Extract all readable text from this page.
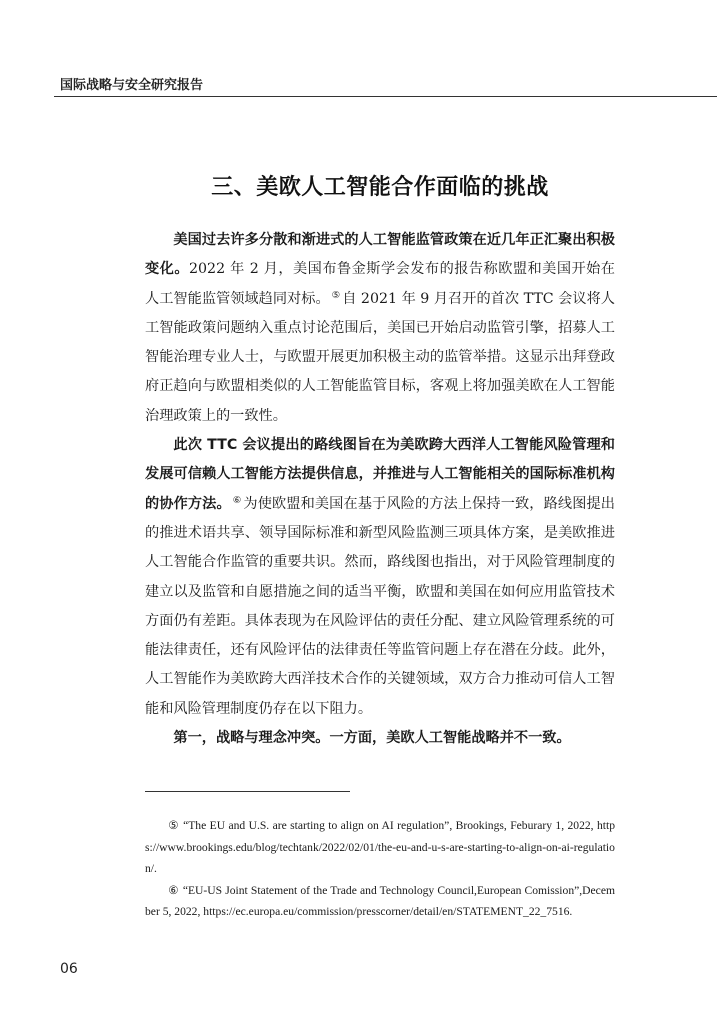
国际战略与安全研究报告
三、美欧人工智能合作面临的挑战

美国过去许多分散和渐进式的人工智能监管政策在近几年正汇聚出积极变化。2022 年 2 月，美国布鲁金斯学会发布的报告称欧盟和美国开始在人工智能监管领域趋同对标。 ⑤ 自 2021 年 9 月召开的首次 TTC 会议将人工智能政策问题纳入重点讨论范围后，美国已开始启动监管引擎，招募人工智能治理专业人士，与欧盟开展更加积极主动的监管举措。这显示出拜登政府正趋向与欧盟相类似的人工智能监管目标，客观上将加强美欧在人工智能治理政策上的一致性。

此次 TTC 会议提出的路线图旨在为美欧跨大西洋人工智能风险管理和发展可信赖人工智能方法提供信息，并推进与人工智能相关的国际标准机构的协作方法。 ⑥ 为使欧盟和美国在基于风险的方法上保持一致，路线图提出的推进术语共享、领导国际标准和新型风险监测三项具体方案，是美欧推进人工智能合作监管的重要共识。然而，路线图也指出，对于风险管理制度的建立以及监管和自愿措施之间的适当平衡，欧盟和美国在如何应用监管技术方面仍有差距。具体表现为在风险评估的责任分配、建立风险管理系统的可能法律责任，还有风险评估的法律责任等监管问题上存在潜在分歧。此外，人工智能作为美欧跨大西洋技术合作的关键领域，双方合力推动可信人工智能和风险管理制度仍存在以下阻力。

第一，战略与理念冲突。一方面，美欧人工智能战略并不一致。

⑤ “The EU and U.S. are starting to align on AI regulation”, Brookings, Feburary 1, 2022, https://www.brookings.edu/blog/techtank/2022/02/01/the-eu-and-u-s-are-starting-to-align-on-ai-regulation/.

⑥ “EU-US Joint Statement of the Trade and Technology Council,European Comission”,December 5, 2022, https://ec.europa.eu/commission/presscorner/detail/en/STATEMENT_22_7516.

06
